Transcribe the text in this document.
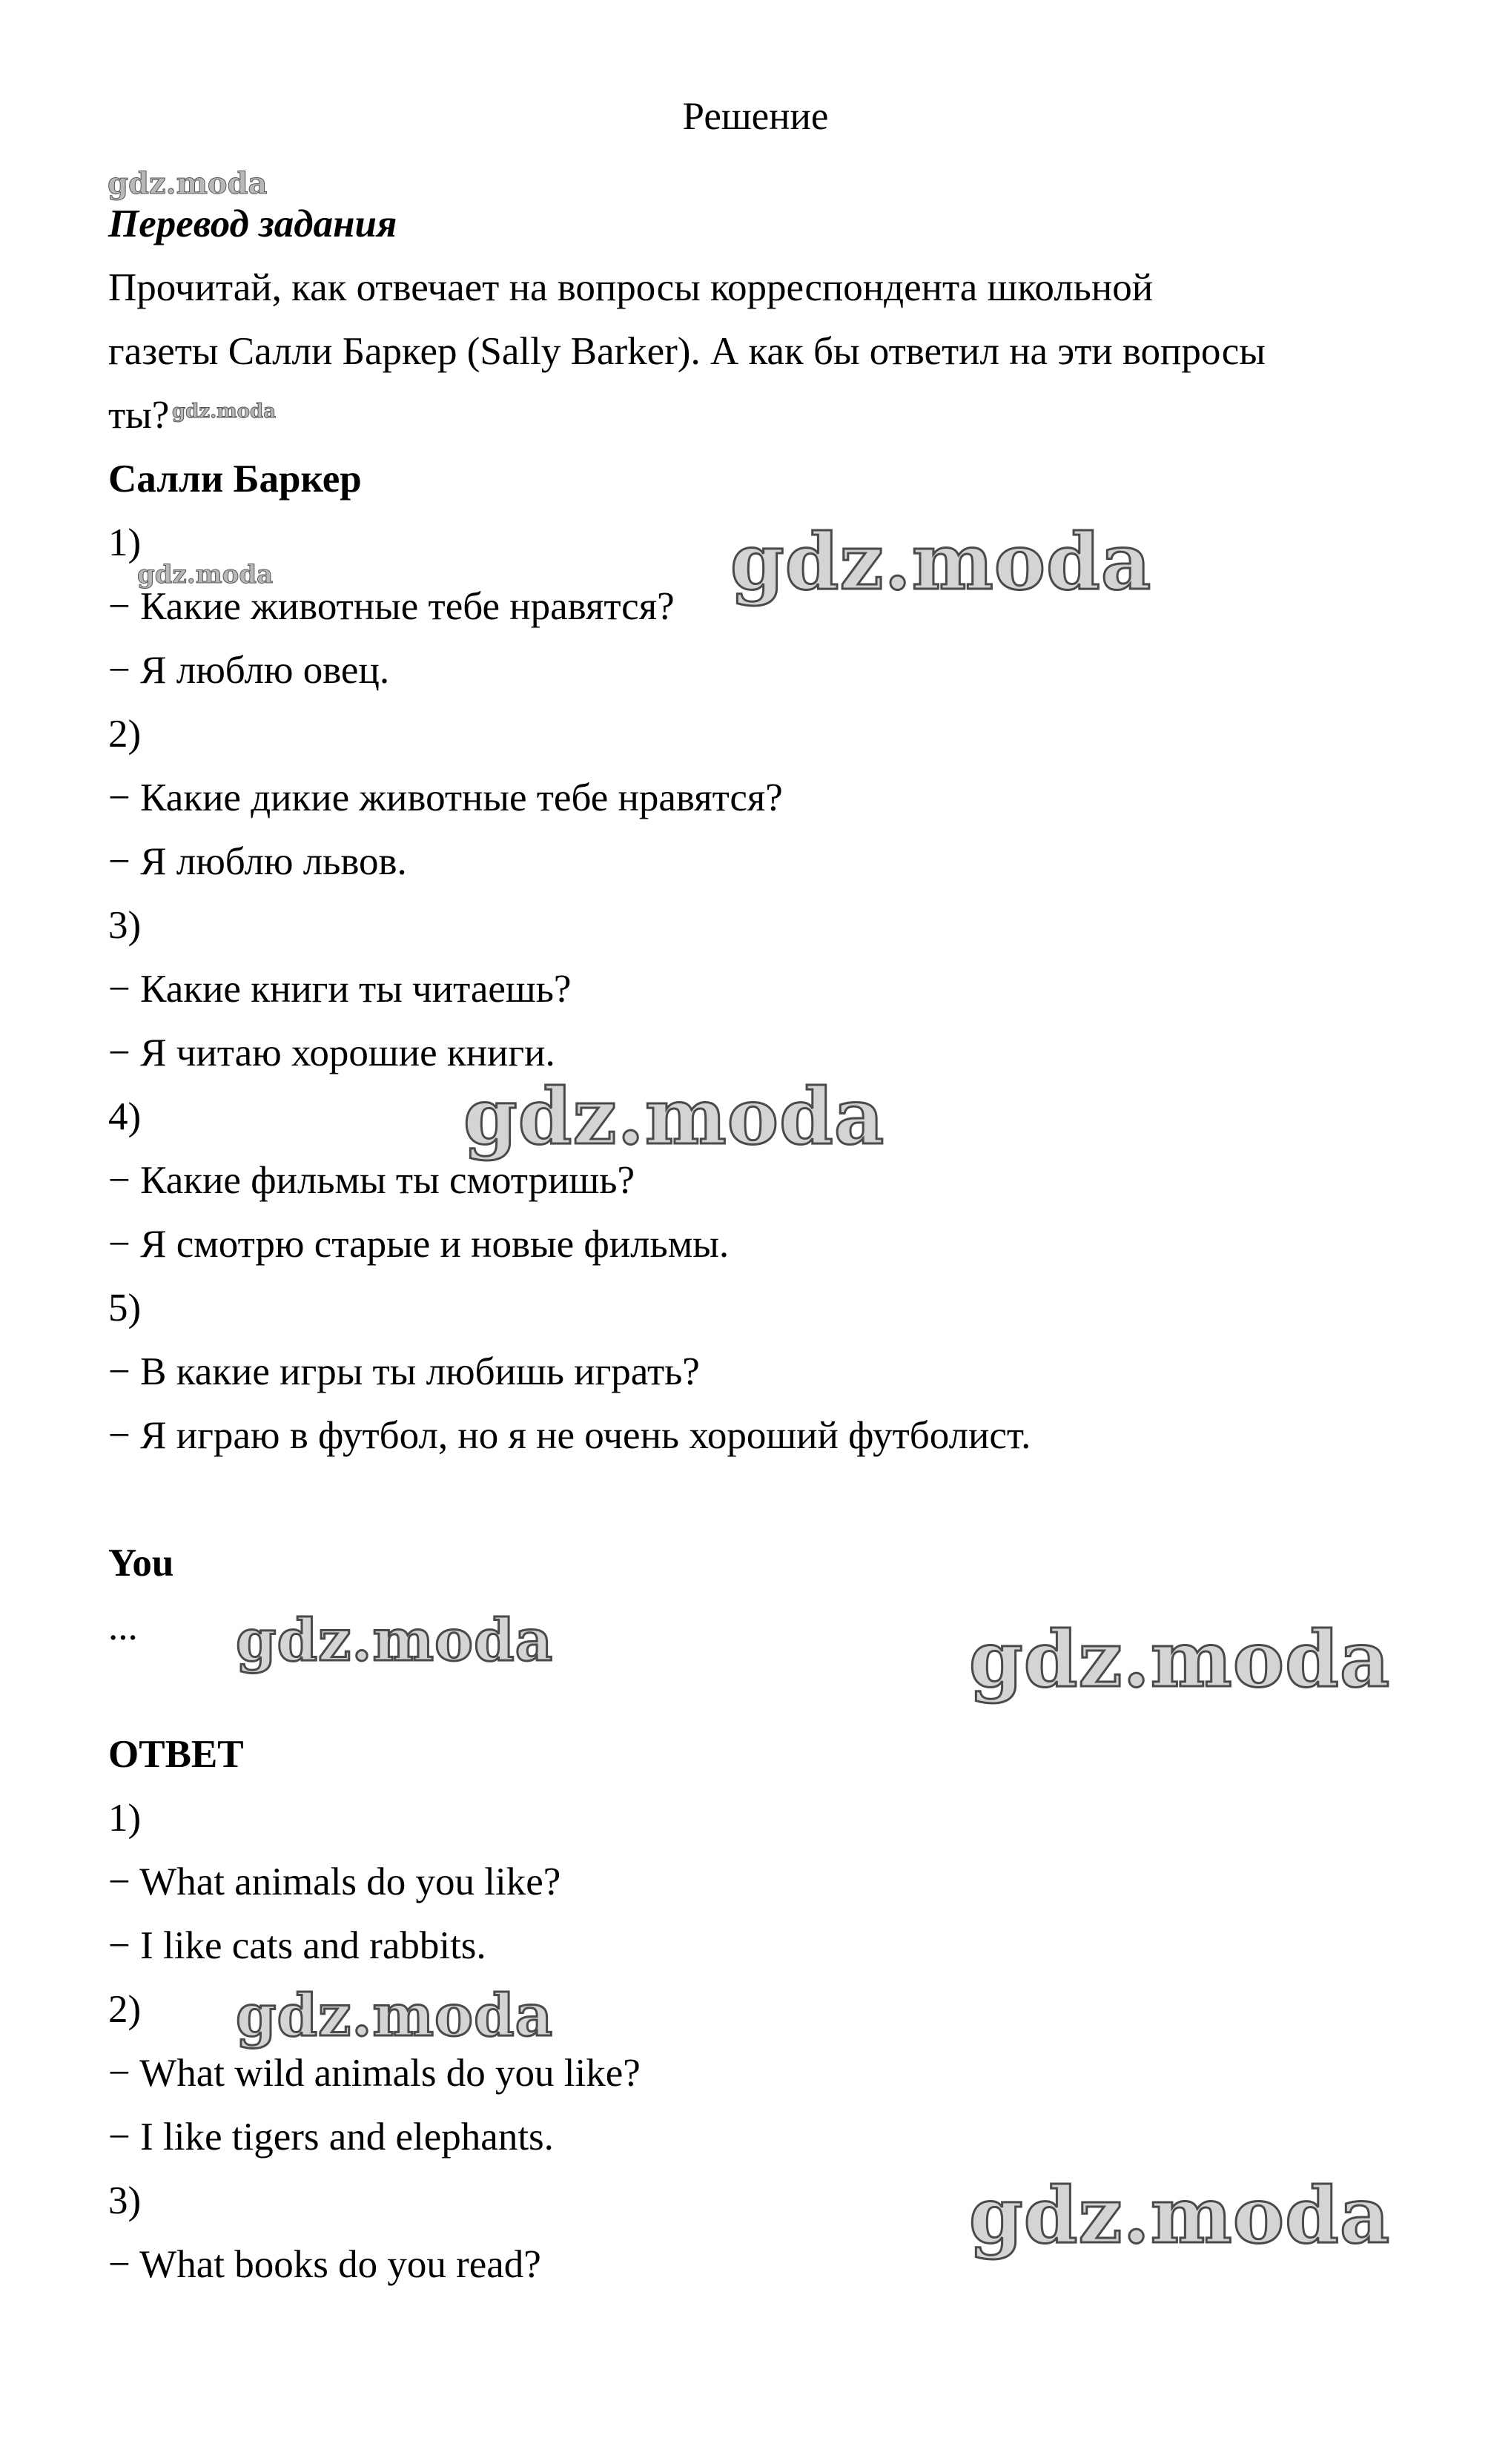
Решение
gdz.moda
Перевод задания
Прочитай, как отвечает на вопросы корреспондента школьной
газеты Салли Баркер (Sally Barker). А как бы ответил на эти вопросы
ты? gdz.moda
Салли Баркер
1)
gdz.moda
− Какие животные тебе нравятся?
− Я люблю овец.
2)
− Какие дикие животные тебе нравятся?
− Я люблю львов.
3)
− Какие книги ты читаешь?
− Я читаю хорошие книги.
4)
− Какие фильмы ты смотришь?
− Я смотрю старые и новые фильмы.
5)
− В какие игры ты любишь играть?
− Я играю в футбол, но я не очень хороший футболист.
You
...
ОТВЕТ
1)
− What animals do you like?
− I like cats and rabbits.
2)
− What wild animals do you like?
− I like tigers and elephants.
3)
− What books do you read?
gdz.moda
gdz.moda
gdz.moda	gdz.moda
gdz.moda
gdz.moda
